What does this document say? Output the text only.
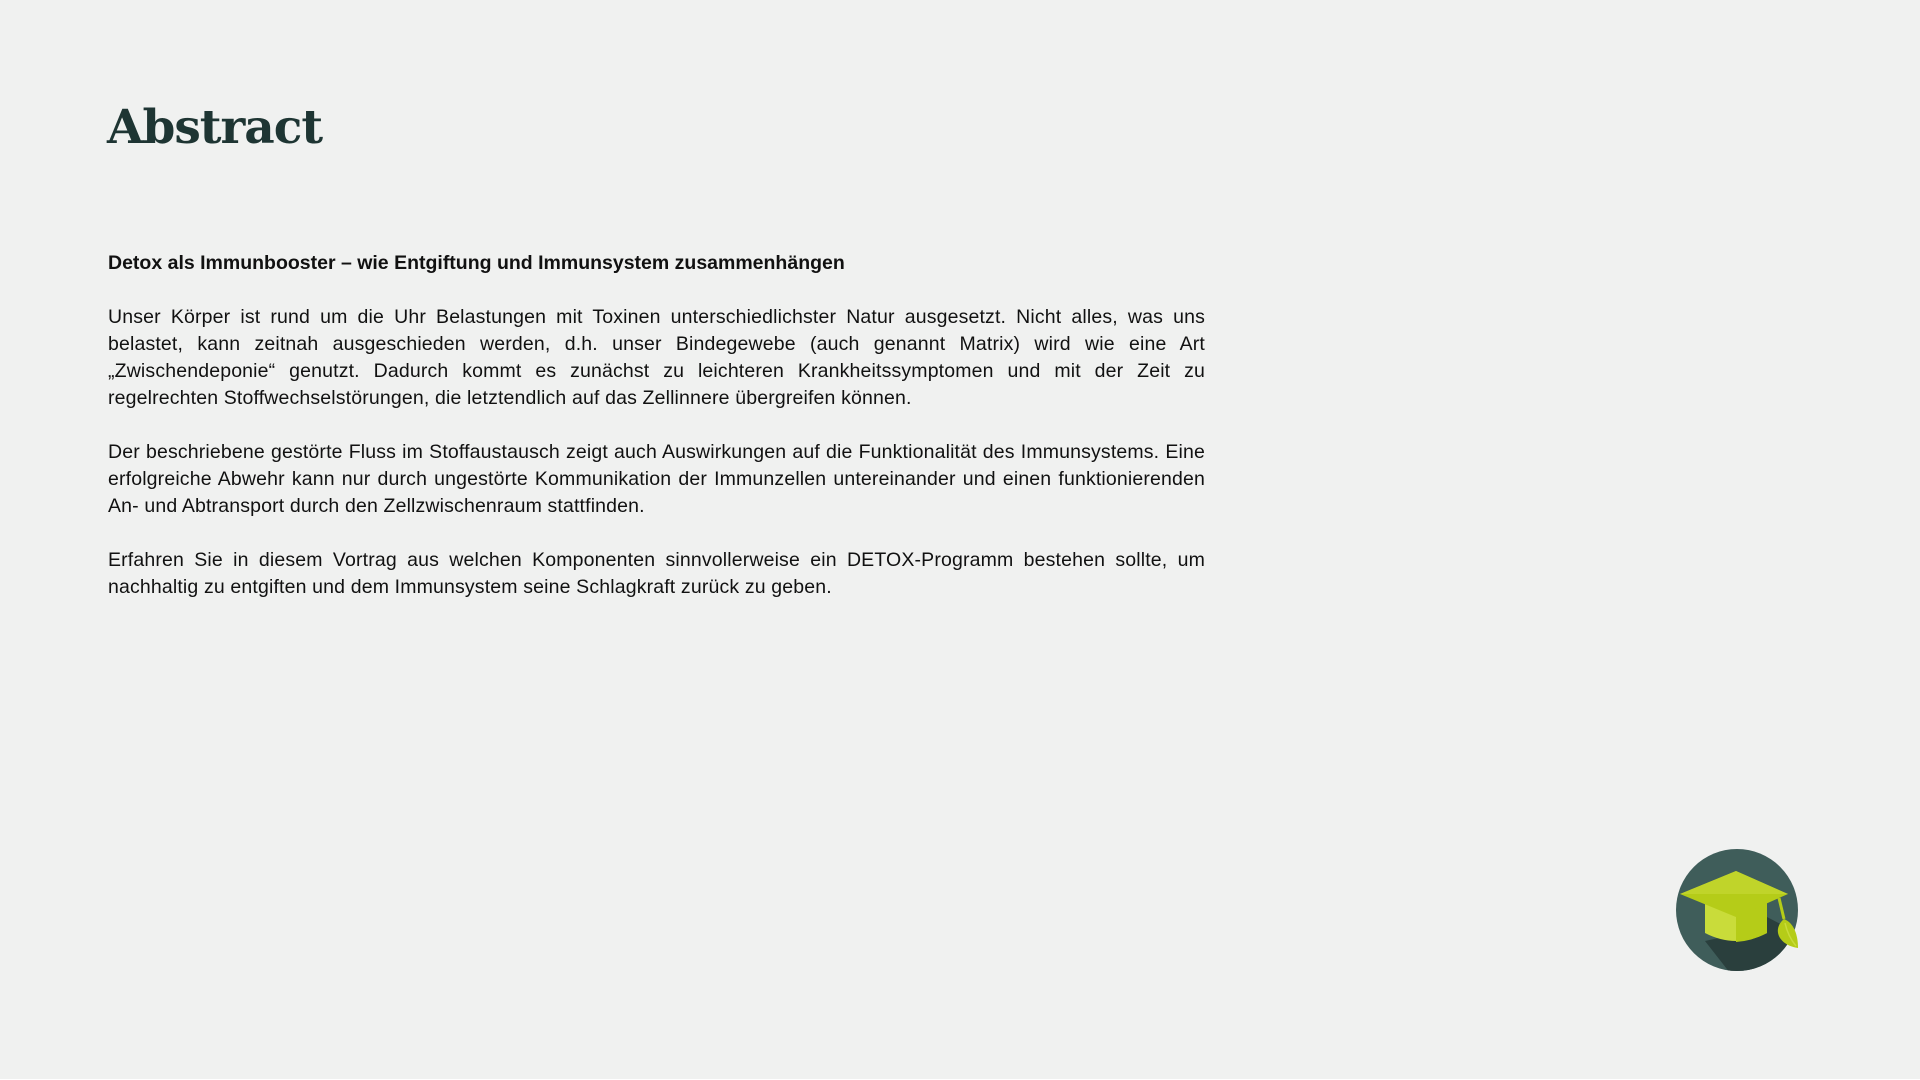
Abstract

Detox als Immunbooster – wie Entgiftung und Immunsystem zusammenhängen

Unser Körper ist rund um die Uhr Belastungen mit Toxinen unterschiedlichster Natur ausgesetzt. Nicht alles, was uns belastet, kann zeitnah ausgeschieden werden, d.h. unser Bindegewebe (auch genannt Matrix) wird wie eine Art „Zwischendeponie“ genutzt. Dadurch kommt es zunächst zu leichteren Krankheitssymptomen und mit der Zeit zu regelrechten Stoffwechselstörungen, die letztendlich auf das Zellinnere übergreifen können.

Der beschriebene gestörte Fluss im Stoffaustausch zeigt auch Auswirkungen auf die Funktionalität des Immunsystems. Eine erfolgreiche Abwehr kann nur durch ungestörte Kommunikation der Immunzellen untereinander und einen funktionierenden An- und Abtransport durch den Zellzwischenraum stattfinden.

Erfahren Sie in diesem Vortrag aus welchen Komponenten sinnvollerweise ein DETOX-Programm bestehen sollte, um nachhaltig zu entgiften und dem Immunsystem seine Schlagkraft zurück zu geben.
